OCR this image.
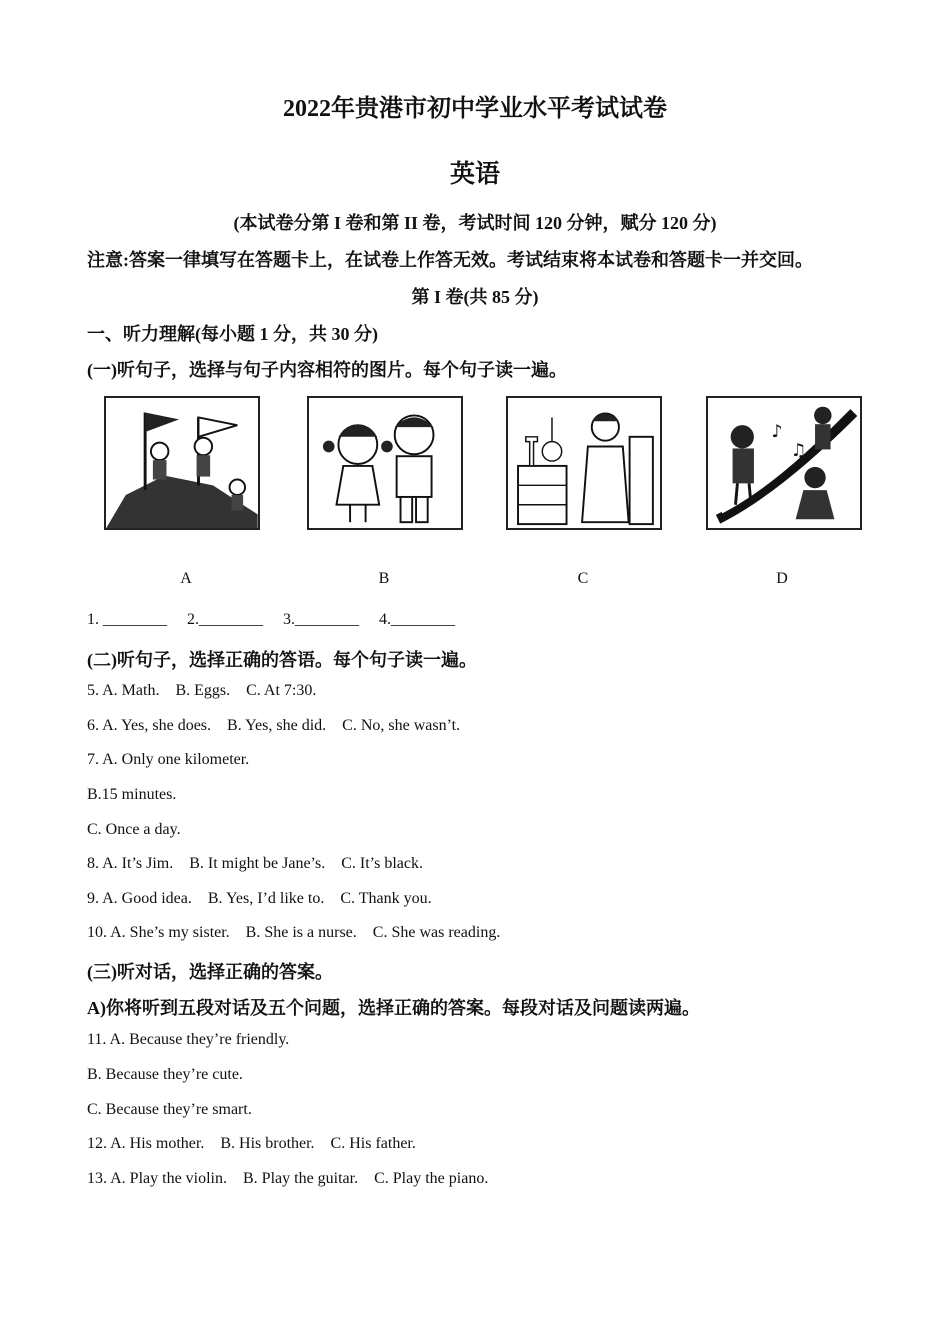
2022年贵港市初中学业水平考试试卷
英语
(本试卷分第 I 卷和第 II 卷，考试时间 120 分钟，赋分 120 分)
注意:答案一律填写在答题卡上，在试卷上作答无效。考试结束将本试卷和答题卡一并交回。
第 I 卷(共 85 分)
一、听力理解(每小题 1 分，共 30 分)
(一)听句子，选择与句子内容相符的图片。每个句子读一遍。
♪
♫
A	B	C	D
1. ________ 2.________ 3.________ 4.________
(二)听句子，选择正确的答语。每个句子读一遍。
5. A. Math.    B. Eggs.    C. At 7:30.
6. A. Yes, she does.    B. Yes, she did.    C. No, she wasn’t.
7. A. Only one kilometer.
B.15 minutes.
C. Once a day.
8. A. It’s Jim.    B. It might be Jane’s.    C. It’s black.
9. A. Good idea.    B. Yes, I’d like to.    C. Thank you.
10. A. She’s my sister.    B. She is a nurse.    C. She was reading.
(三)听对话，选择正确的答案。
A)你将听到五段对话及五个问题，选择正确的答案。每段对话及问题读两遍。
11. A. Because they’re friendly.
B. Because they’re cute.
C. Because they’re smart.
12. A. His mother.    B. His brother.    C. His father.
13. A. Play the violin.    B. Play the guitar.    C. Play the piano.
